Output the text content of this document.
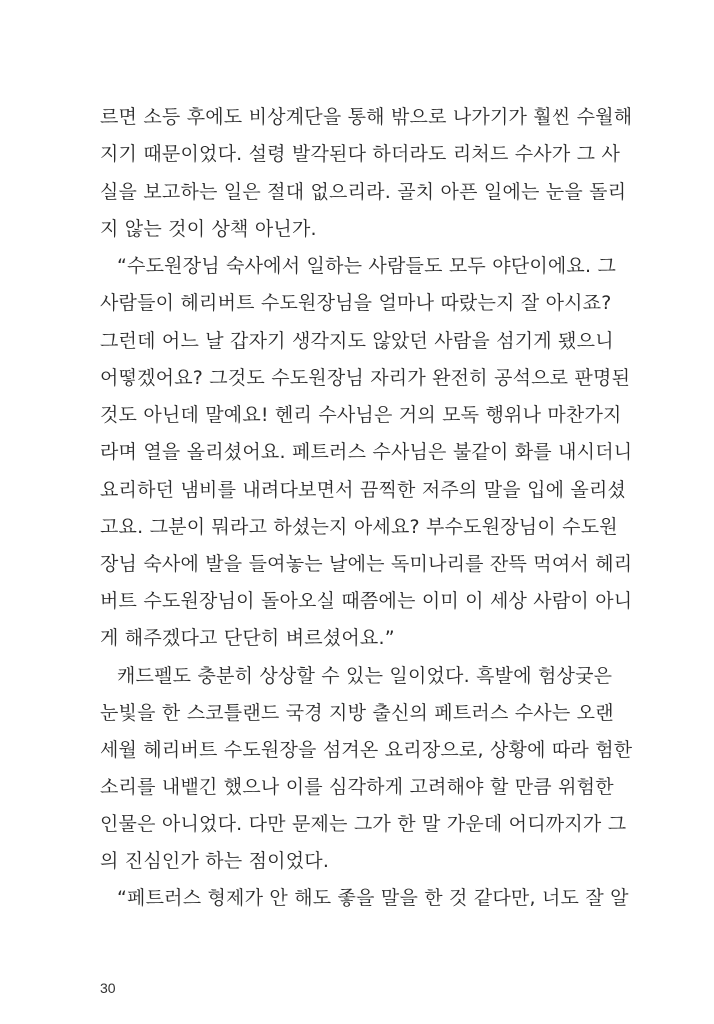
르면 소등 후에도 비상계단을 통해 밖으로 나가기가 훨씬 수월해
지기 때문이었다. 설령 발각된다 하더라도 리처드 수사가 그 사
실을 보고하는 일은 절대 없으리라. 골치 아픈 일에는 눈을 돌리
지 않는 것이 상책 아닌가.
“수도원장님 숙사에서 일하는 사람들도 모두 야단이에요. 그
사람들이 헤리버트 수도원장님을 얼마나 따랐는지 잘 아시죠?
그런데 어느 날 갑자기 생각지도 않았던 사람을 섬기게 됐으니
어떻겠어요? 그것도 수도원장님 자리가 완전히 공석으로 판명된
것도 아닌데 말예요! 헨리 수사님은 거의 모독 행위나 마찬가지
라며 열을 올리셨어요. 페트러스 수사님은 불같이 화를 내시더니
요리하던 냄비를 내려다보면서 끔찍한 저주의 말을 입에 올리셨
고요. 그분이 뭐라고 하셨는지 아세요? 부수도원장님이 수도원
장님 숙사에 발을 들여놓는 날에는 독미나리를 잔뜩 먹여서 헤리
버트 수도원장님이 돌아오실 때쯤에는 이미 이 세상 사람이 아니
게 해주겠다고 단단히 벼르셨어요.”
캐드펠도 충분히 상상할 수 있는 일이었다. 흑발에 험상궂은
눈빛을 한 스코틀랜드 국경 지방 출신의 페트러스 수사는 오랜
세월 헤리버트 수도원장을 섬겨온 요리장으로, 상황에 따라 험한
소리를 내뱉긴 했으나 이를 심각하게 고려해야 할 만큼 위험한
인물은 아니었다. 다만 문제는 그가 한 말 가운데 어디까지가 그
의 진심인가 하는 점이었다.
“페트러스 형제가 안 해도 좋을 말을 한 것 같다만, 너도 잘 알
30
